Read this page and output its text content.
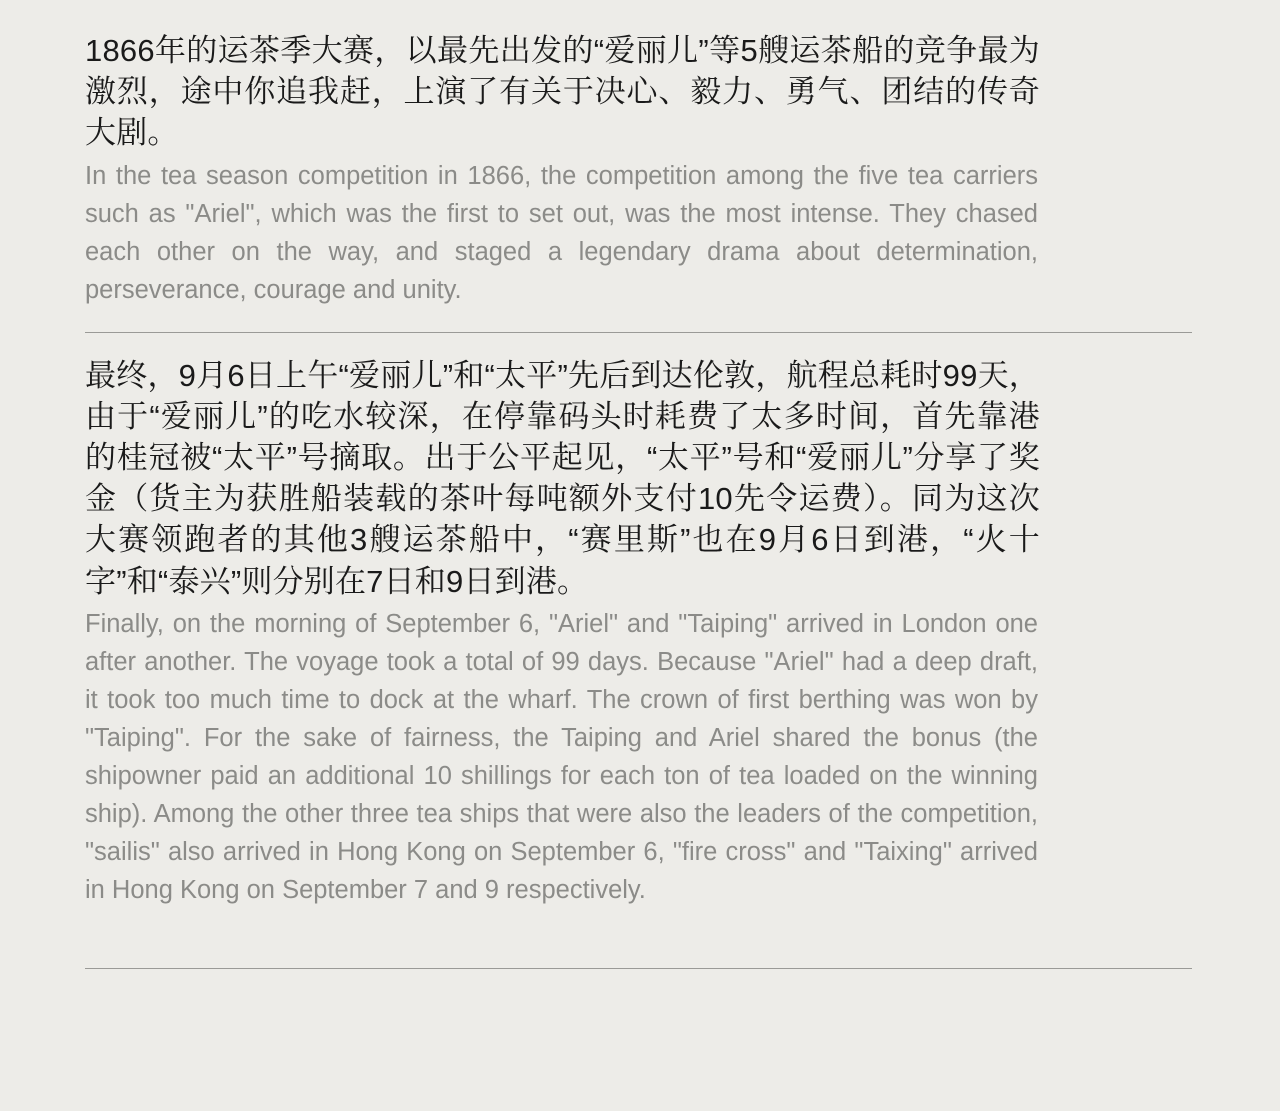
1866年的运茶季大赛，以最先出发的“爱丽儿”等5艘运茶船的竞争最为激烈，途中你追我赶，上演了有关于决心、毅力、勇气、团结的传奇大剧。

In the tea season competition in 1866, the competition among the five tea carriers such as "Ariel", which was the first to set out, was the most intense. They chased each other on the way, and staged a legendary drama about determination, perseverance, courage and unity.

最终，9月6日上午“爱丽儿”和“太平”先后到达伦敦，航程总耗时99天，由于“爱丽儿”的吃水较深，在停靠码头时耗费了太多时间，首先靠港的桂冠被“太平”号摘取。出于公平起见，“太平”号和“爱丽儿”分享了奖金（货主为获胜船装载的茶叶每吨额外支付10先令运费）。同为这次大赛领跑者的其他3艘运茶船中，“赛里斯”也在9月6日到港，“火十字”和“泰兴”则分别在7日和9日到港。

Finally, on the morning of September 6, "Ariel" and "Taiping" arrived in London one after another. The voyage took a total of 99 days. Because "Ariel" had a deep draft, it took too much time to dock at the wharf. The crown of first berthing was won by "Taiping". For the sake of fairness, the Taiping and Ariel shared the bonus (the shipowner paid an additional 10 shillings for each ton of tea loaded on the winning ship). Among the other three tea ships that were also the leaders of the competition, "sailis" also arrived in Hong Kong on September 6, "fire cross" and "Taixing" arrived in Hong Kong on September 7 and 9 respectively.
